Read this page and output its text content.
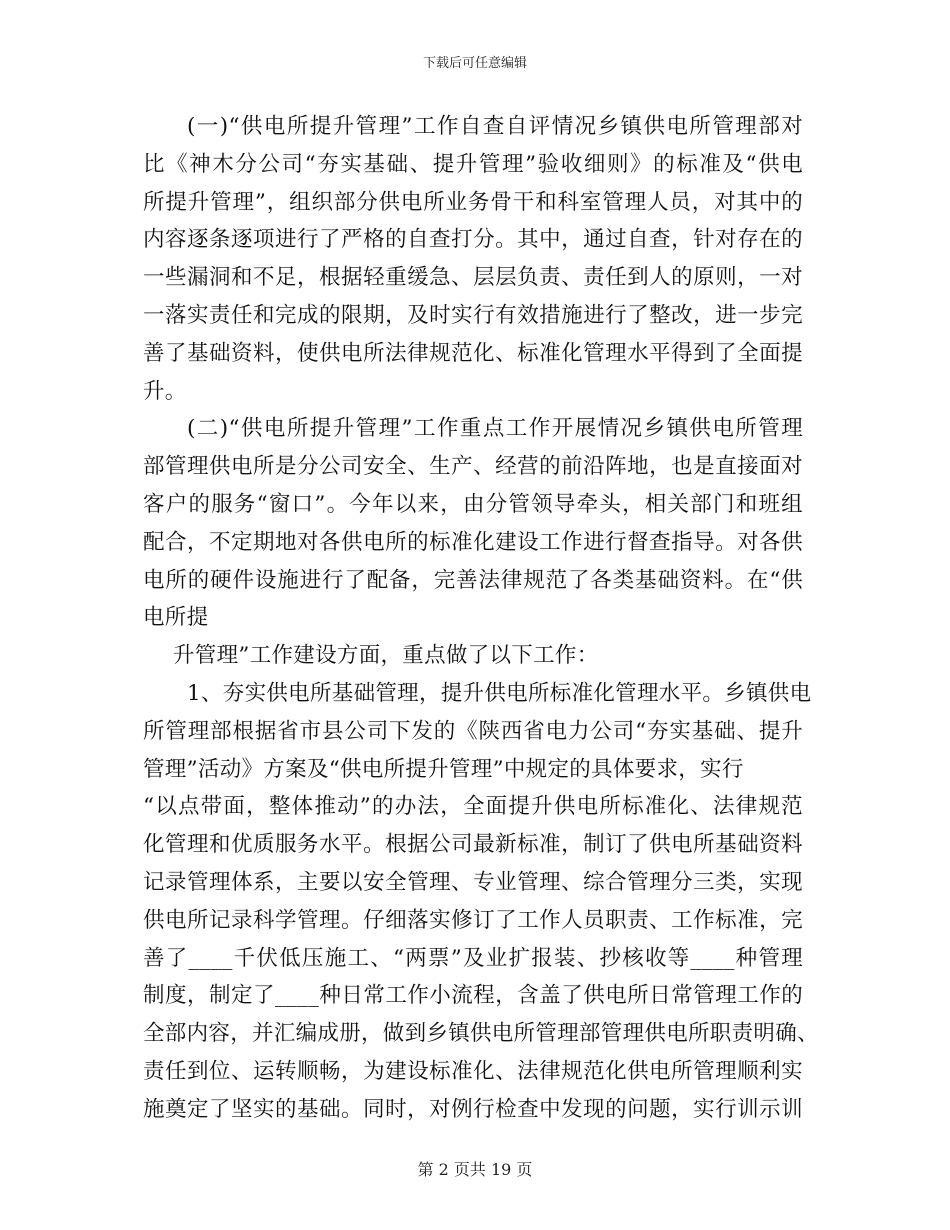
下载后可任意编辑
(一)“供电所提升管理”工作自查自评情况乡镇供电所管理部对
比《神木分公司“夯实基础、提升管理”验收细则》的标准及“供电
所提升管理”，组织部分供电所业务骨干和科室管理人员，对其中的
内容逐条逐项进行了严格的自查打分。其中，通过自查，针对存在的
一些漏洞和不足，根据轻重缓急、层层负责、责任到人的原则，一对
一落实责任和完成的限期，及时实行有效措施进行了整改，进一步完
善了基础资料，使供电所法律规范化、标准化管理水平得到了全面提
升。
(二)“供电所提升管理”工作重点工作开展情况乡镇供电所管理
部管理供电所是分公司安全、生产、经营的前沿阵地，也是直接面对
客户的服务“窗口”。今年以来，由分管领导牵头，相关部门和班组
配合，不定期地对各供电所的标准化建设工作进行督查指导。对各供
电所的硬件设施进行了配备，完善法律规范了各类基础资料。在“供
电所提
升管理”工作建设方面，重点做了以下工作：
1、夯实供电所基础管理，提升供电所标准化管理水平。乡镇供电
所管理部根据省市县公司下发的《陕西省电力公司“夯实基础、提升
管理”活动》方案及“供电所提升管理”中规定的具体要求，实行
“以点带面，整体推动”的办法，全面提升供电所标准化、法律规范
化管理和优质服务水平。根据公司最新标准，制订了供电所基础资料
记录管理体系，主要以安全管理、专业管理、综合管理分三类，实现
供电所记录科学管理。仔细落实修订了工作人员职责、工作标准，完
善了____千伏低压施工、“两票”及业扩报装、抄核收等____种管理
制度，制定了____种日常工作小流程，含盖了供电所日常管理工作的
全部内容，并汇编成册，做到乡镇供电所管理部管理供电所职责明确、
责任到位、运转顺畅，为建设标准化、法律规范化供电所管理顺利实
施奠定了坚实的基础。同时，对例行检查中发现的问题，实行训示训
第 2 页共 19 页
